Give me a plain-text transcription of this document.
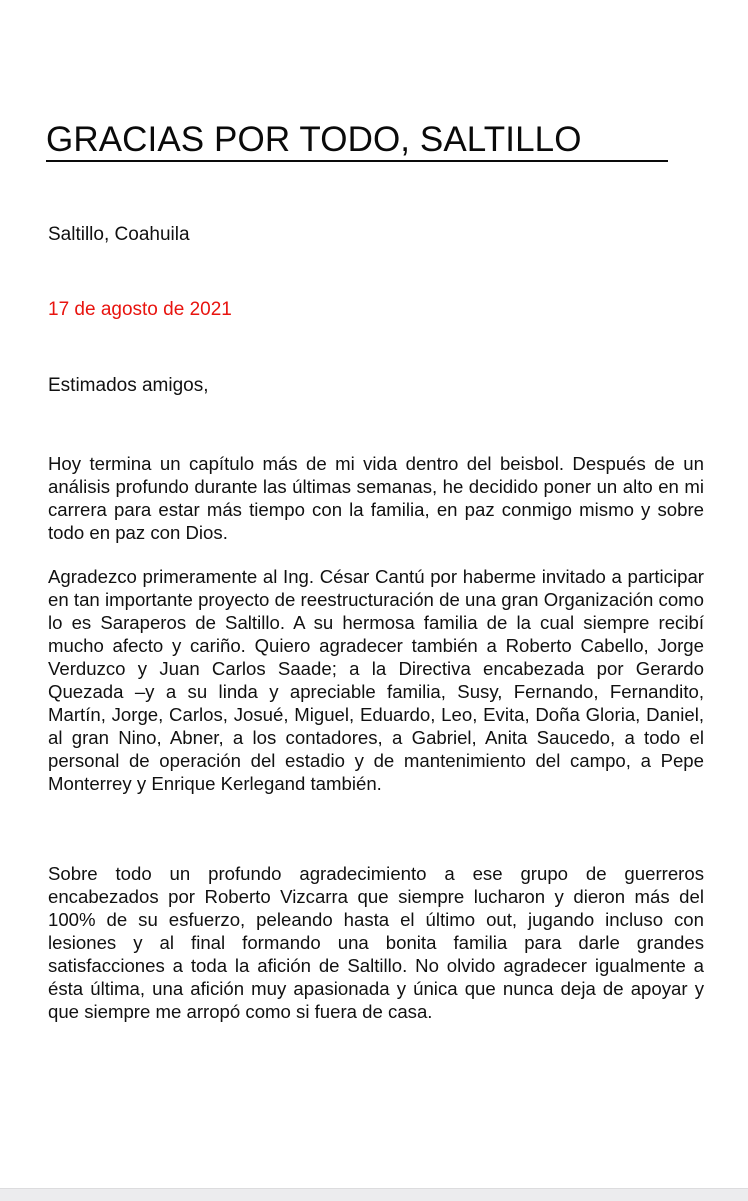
GRACIAS POR TODO, SALTILLO

Saltillo, Coahuila

17 de agosto de 2021

Estimados amigos,

Hoy termina un capítulo más de mi vida dentro del beisbol. Después de un análisis profundo durante las últimas semanas, he decidido poner un alto en mi carrera para estar más tiempo con la familia, en paz conmigo mismo y sobre todo en paz con Dios.

Agradezco primeramente al Ing. César Cantú por haberme invitado a participar en tan importante proyecto de reestructuración de una gran Organización como lo es Saraperos de Saltillo. A su hermosa familia de la cual siempre recibí mucho afecto y cariño. Quiero agradecer también a Roberto Cabello, Jorge Verduzco y Juan Carlos Saade; a la Directiva encabezada por Gerardo Quezada –y a su linda y apreciable familia, Susy, Fernando, Fernandito, Martín, Jorge, Carlos, Josué, Miguel, Eduardo, Leo, Evita, Doña Gloria, Daniel, al gran Nino, Abner, a los contadores, a Gabriel, Anita Saucedo, a todo el personal de operación del estadio y de mantenimiento del campo, a Pepe Monterrey y Enrique Kerlegand también.

Sobre todo un profundo agradecimiento a ese grupo de guerreros encabezados por Roberto Vizcarra que siempre lucharon y dieron más del 100% de su esfuerzo, peleando hasta el último out, jugando incluso con lesiones y al final formando una bonita familia para darle grandes satisfacciones a toda la afición de Saltillo. No olvido agradecer igualmente a ésta última, una afición muy apasionada y única que nunca deja de apoyar y que siempre me arropó como si fuera de casa.
